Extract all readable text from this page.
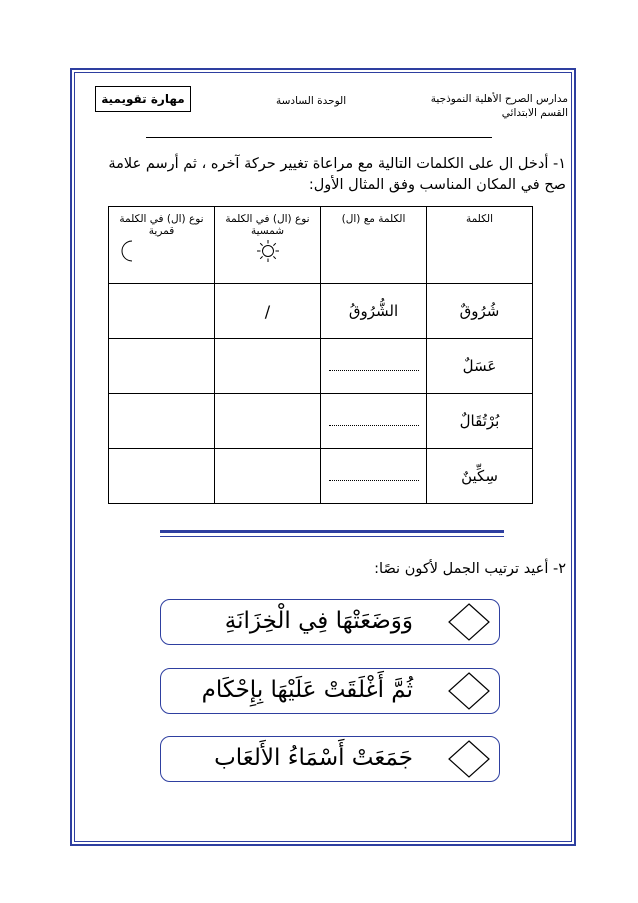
مدارس الصرح الأهلية النموذجية
القسم الابتدائي
الوحدة السادسة
مهارة تقويمية
١- أدخل ال على الكلمات التالية مع مراعاة تغيير حركة آخره ، ثم أرسم علامة
صح في المكان المناسب وفق المثال الأول:
الكلمة	الكلمة مع (ال)	نوع (ال) في الكلمة شمسية	نوع (ال) في الكلمة قمرية

شُرُوقٌ	الشُّرُوقُ	/	
عَسَلٌ			
بُرْتُقَالٌ			
سِكِّينٌ			
٢- أعيد ترتيب الجمل لأكون نصًا:
وَوَضَعَتْهَا فِي الْخِزَانَةِ
ثُمَّ أَغْلَقَتْ عَلَيْهَا بِإِحْكَام
جَمَعَتْ أَسْمَاءُ الأَلعَاب
